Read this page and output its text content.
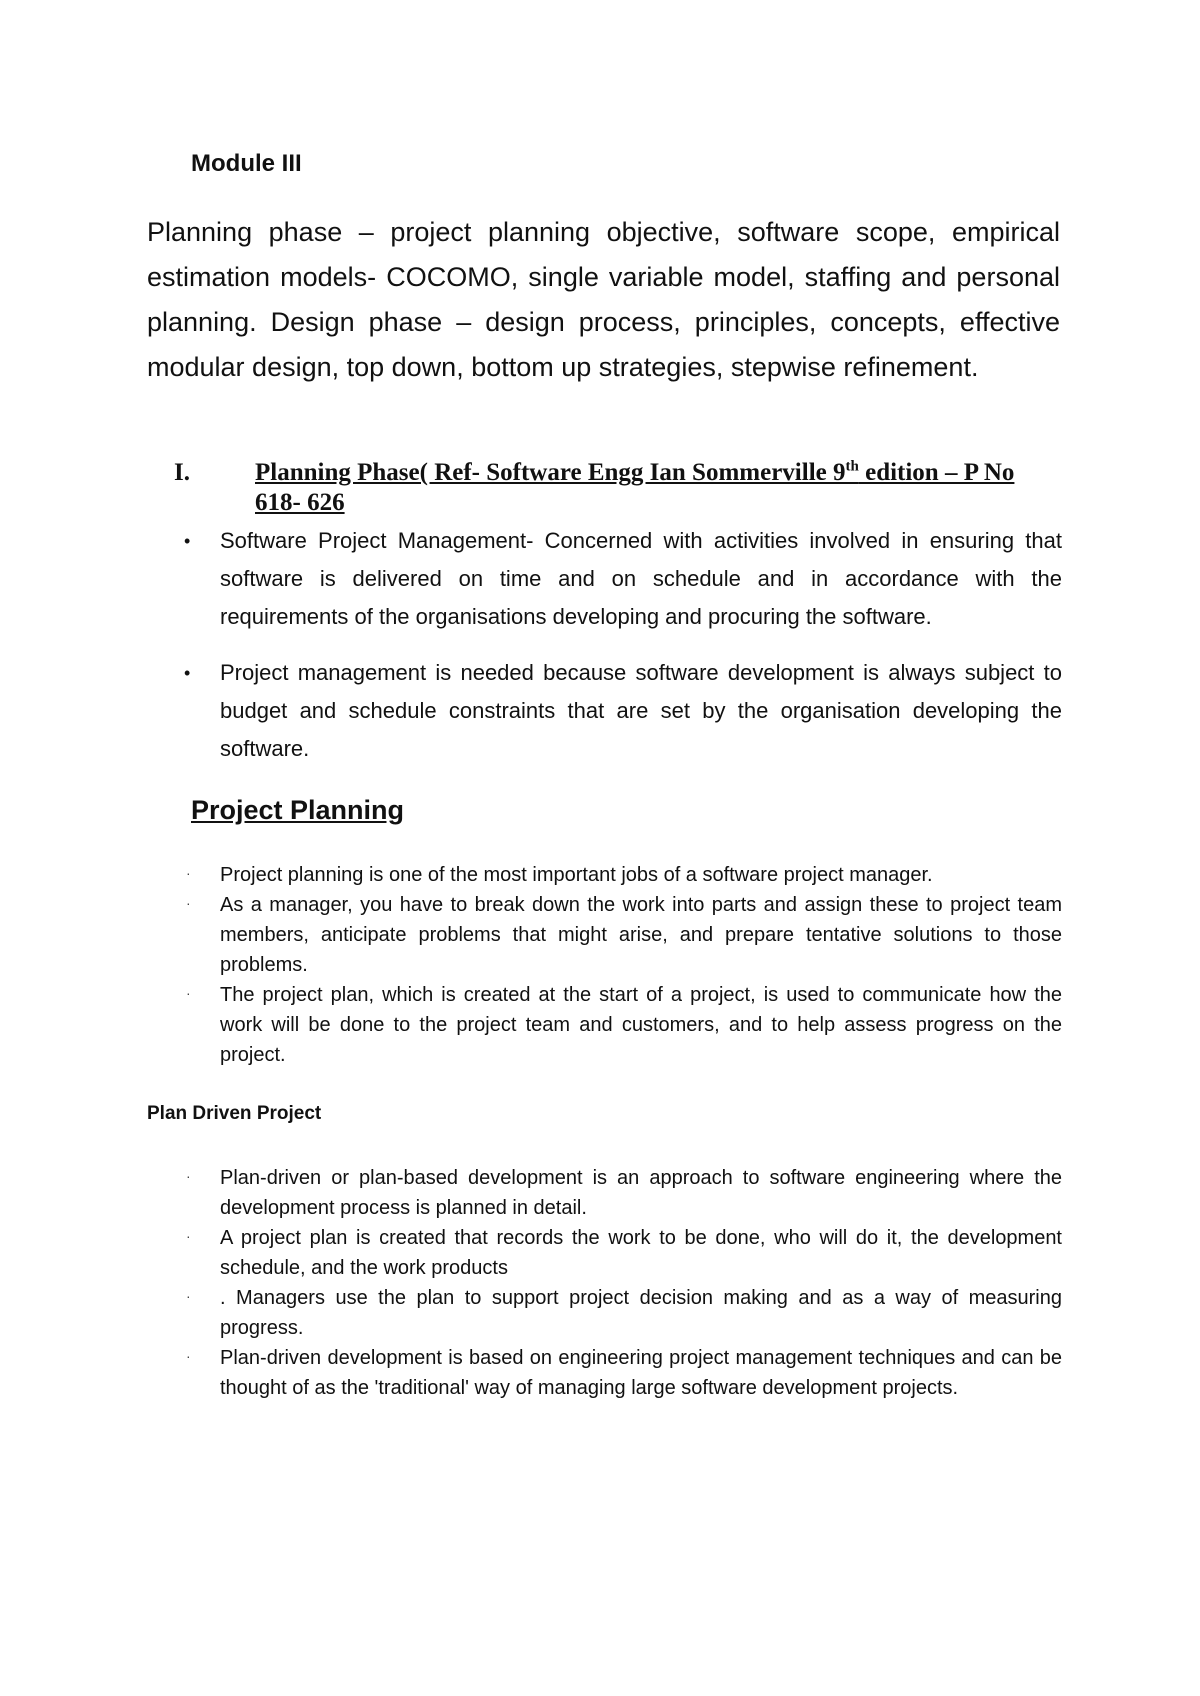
Module III

Planning phase – project planning objective, software scope, empirical estimation models- COCOMO, single variable model, staffing and personal planning. Design phase – design process, principles, concepts, effective modular design, top down, bottom up strategies, stepwise refinement.

I.	Planning Phase( Ref- Software Engg Ian Sommerville 9th edition – P No 618- 626
• Software Project Management- Concerned with activities involved in ensuring that software is delivered on time and on schedule and in accordance with the requirements of the organisations developing and procuring the software.
• Project management is needed because software development is always subject to budget and schedule constraints that are set by the organisation developing the software.
Project Planning
· Project planning is one of the most important jobs of a software project manager.
· As a manager, you have to break down the work into parts and assign these to project team members, anticipate problems that might arise, and prepare tentative solutions to those problems.
· The project plan, which is created at the start of a project, is used to communicate how the work will be done to the project team and customers, and to help assess progress on the project.
Plan Driven Project
· Plan-driven or plan-based development is an approach to software engineering where the development process is planned in detail.
· A project plan is created that records the work to be done, who will do it, the development schedule, and the work products
· . Managers use the plan to support project decision making and as a way of measuring progress.
· Plan-driven development is based on engineering project management techniques and can be thought of as the 'traditional' way of managing large software development projects.
